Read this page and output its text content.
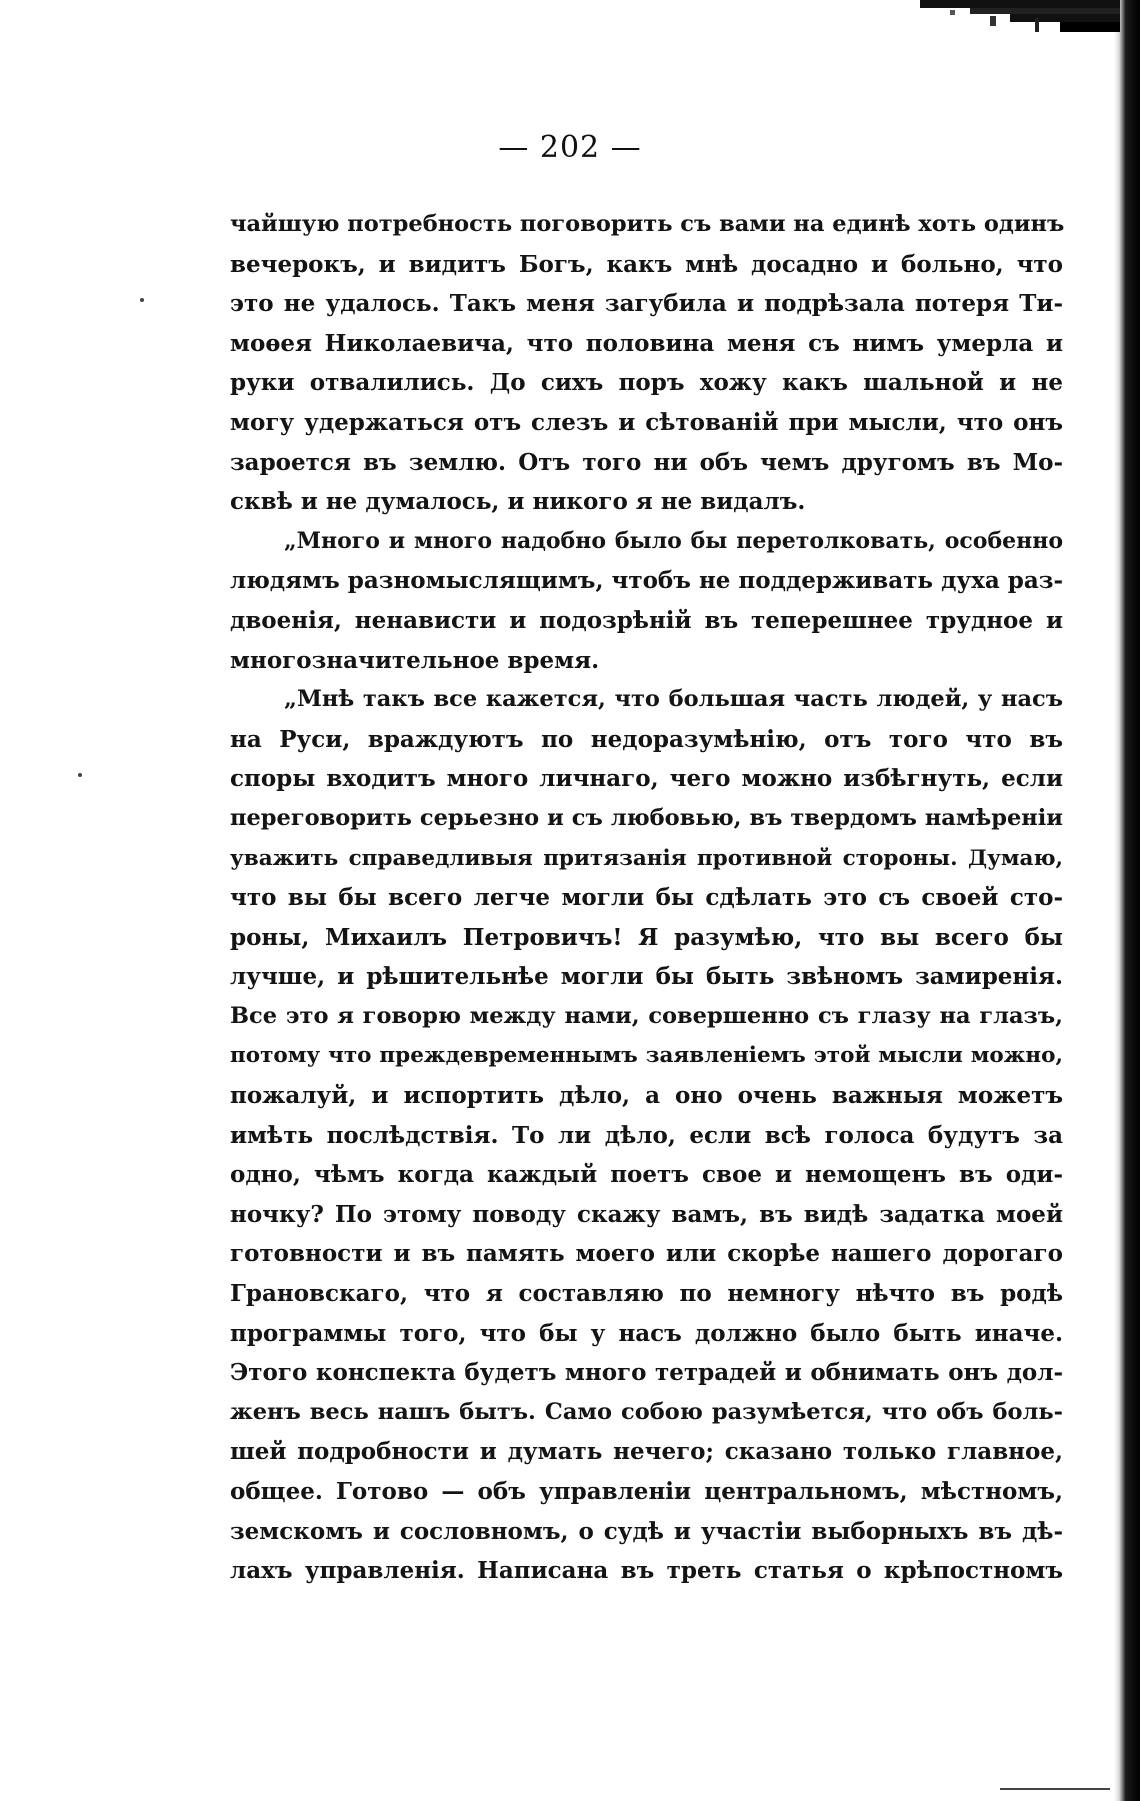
— 202 —
чайшую потребность поговорить съ вами на единѣ хоть одинъ
вечерокъ, и видитъ Богъ, какъ мнѣ досадно и больно, что
это не удалось. Такъ меня загубила и подрѣзала потеря Ти-
моѳея Николаевича, что половина меня съ нимъ умерла и
руки отвалились. До сихъ поръ хожу какъ шальной и не
могу удержаться отъ слезъ и сѣтованій при мысли, что онъ
зароется въ землю. Отъ того ни объ чемъ другомъ въ Мо-
сквѣ и не думалось, и никого я не видалъ.
„Много и много надобно было бы перетолковать, особенно
людямъ разномыслящимъ, чтобъ не поддерживать духа раз-
двоенія, ненависти и подозрѣній въ теперешнее трудное и
многозначительное время.
„Мнѣ такъ все кажется, что большая часть людей, у насъ
на Руси, враждуютъ по недоразумѣнію, отъ того что въ
споры входитъ много личнаго, чего можно избѣгнуть, если
переговорить серьезно и съ любовью, въ твердомъ намѣреніи
уважить справедливыя притязанія противной стороны. Думаю,
что вы бы всего легче могли бы сдѣлать это съ своей сто-
роны, Михаилъ Петровичъ! Я разумѣю, что вы всего бы
лучше, и рѣшительнѣе могли бы быть звѣномъ замиренія.
Все это я говорю между нами, совершенно съ глазу на глазъ,
потому что преждевременнымъ заявленіемъ этой мысли можно,
пожалуй, и испортить дѣло, а оно очень важныя можетъ
имѣть послѣдствія. То ли дѣло, если всѣ голоса будутъ за
одно, чѣмъ когда каждый поетъ свое и немощенъ въ оди-
ночку? По этому поводу скажу вамъ, въ видѣ задатка моей
готовности и въ память моего или скорѣе нашего дорогаго
Грановскаго, что я составляю по немногу нѣчто въ родѣ
программы того, что бы у насъ должно было быть иначе.
Этого конспекта будетъ много тетрадей и обнимать онъ дол-
женъ весь нашъ бытъ. Само собою разумѣется, что объ боль-
шей подробности и думать нечего; сказано только главное,
общее. Готово — объ управленіи центральномъ, мѣстномъ,
земскомъ и сословномъ, о судѣ и участіи выборныхъ въ дѣ-
лахъ управленія. Написана въ треть статья о крѣпостномъ
